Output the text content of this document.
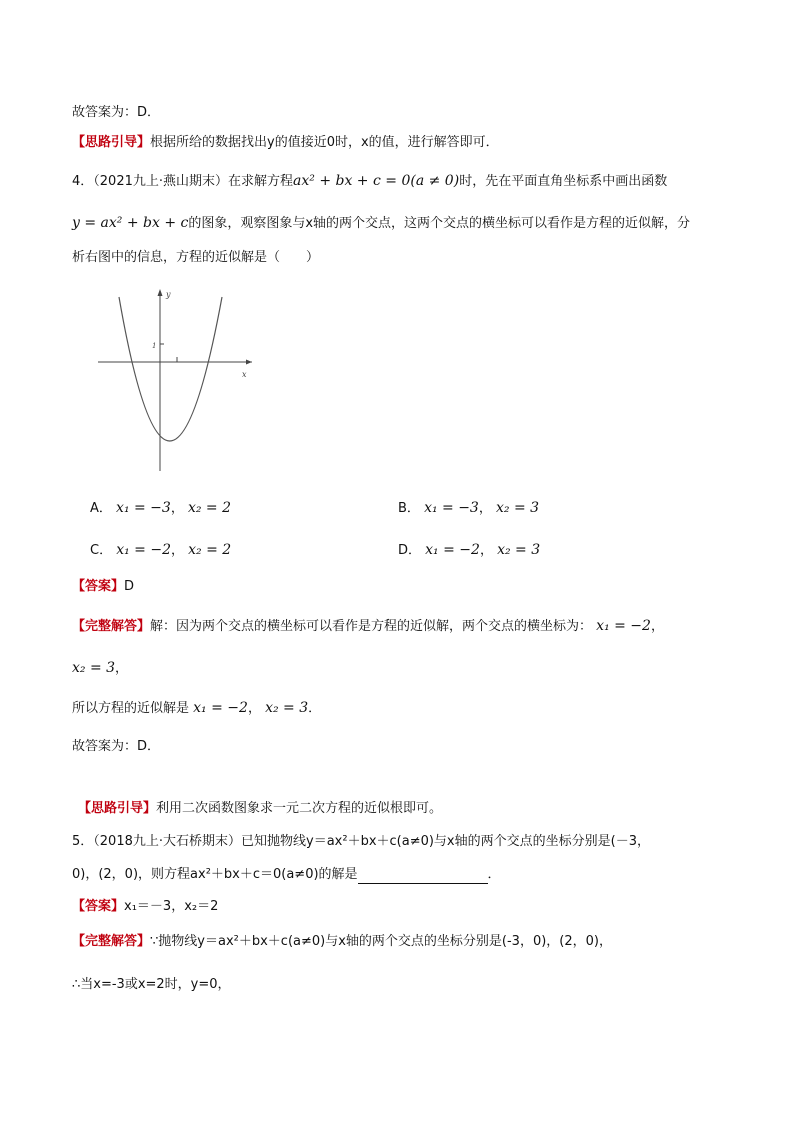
故答案为：D．
【思路引导】根据所给的数据找出y的值接近0时，x的值，进行解答即可．
4．（2021九上·燕山期末）在求解方程ax² + bx + c = 0(a ≠ 0)时，先在平面直角坐标系中画出函数
y = ax² + bx + c的图象，观察图象与x轴的两个交点，这两个交点的横坐标可以看作是方程的近似解，分
析右图中的信息，方程的近似解是（　　）
x
y
1
A． x₁ = −3， x₂ = 2	B． x₁ = −3， x₂ = 3
C． x₁ = −2， x₂ = 2	D． x₁ = −2， x₂ = 3
【答案】D
【完整解答】解：因为两个交点的横坐标可以看作是方程的近似解，两个交点的横坐标为： x₁ = −2，
x₂ = 3，
所以方程的近似解是 x₁ = −2， x₂ = 3．
故答案为：D．
【思路引导】利用二次函数图象求一元二次方程的近似根即可。
5．（2018九上·大石桥期末）已知抛物线y＝ax²＋bx＋c(a≠0)与x轴的两个交点的坐标分别是(－3，
0)，(2，0)，则方程ax²＋bx＋c＝0(a≠0)的解是	．
【答案】x₁＝－3，x₂＝2
【完整解答】∵抛物线y＝ax²＋bx＋c(a≠0)与x轴的两个交点的坐标分别是(-3，0)，(2，0)，
∴当x=-3或x=2时，y=0，
